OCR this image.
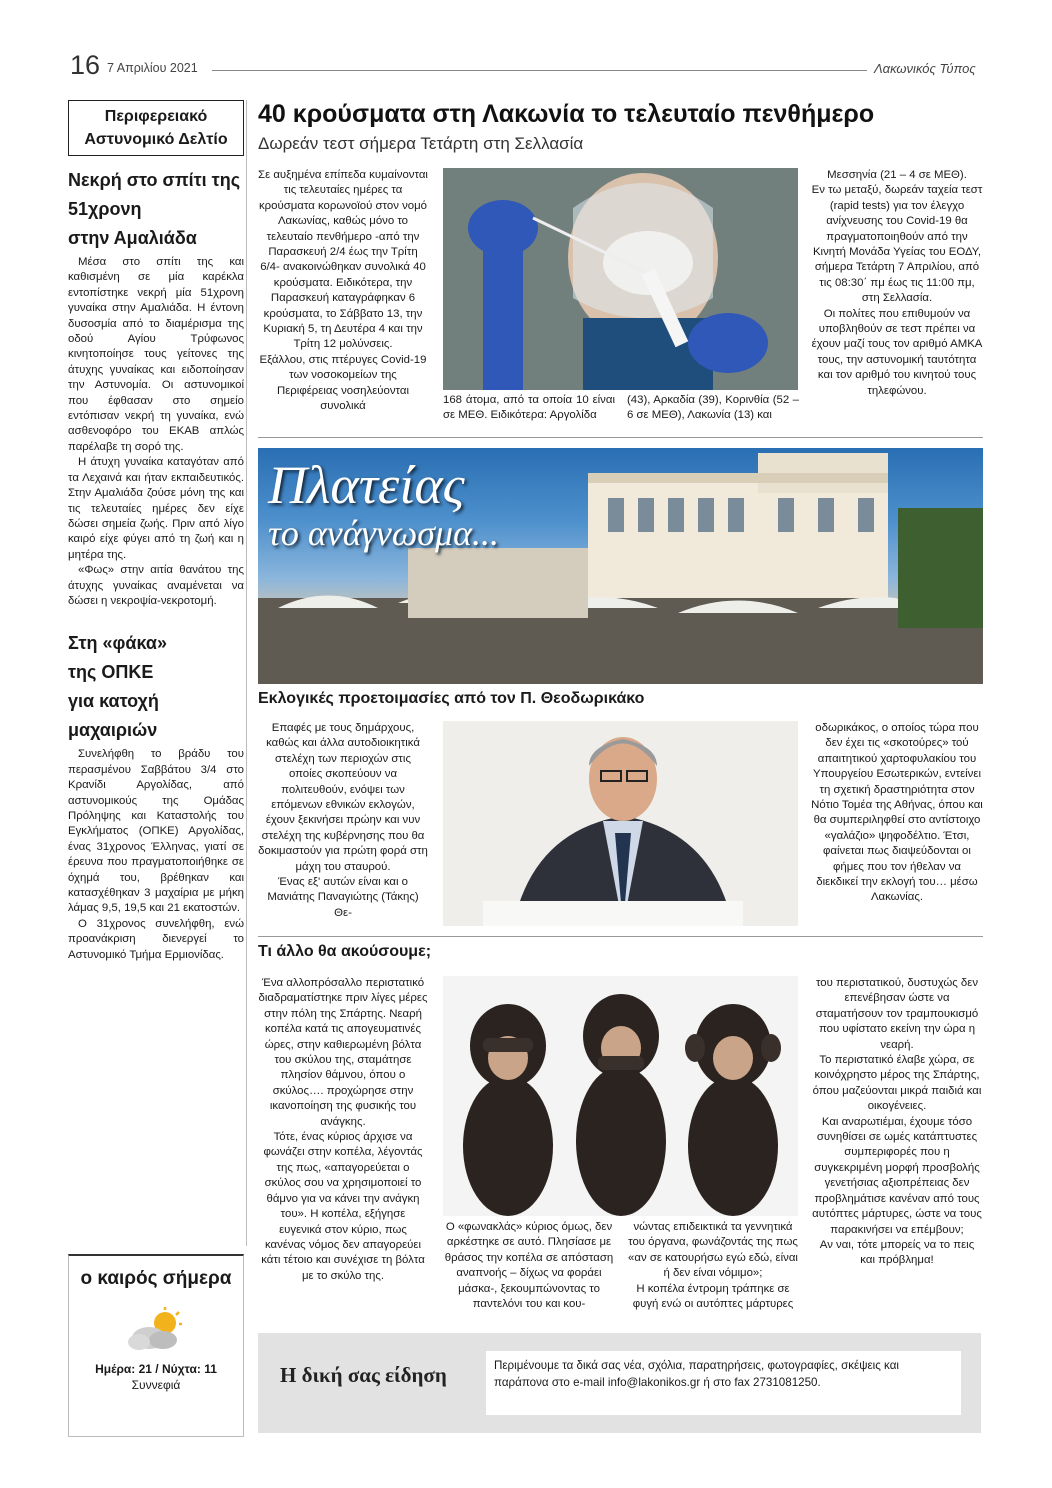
16 7 Απριλίου 2021	Λακωνικός Τύπος
Περιφερειακό
Αστυνομικό Δελτίο
Νεκρή στο σπίτι της
51χρονη
στην Αμαλιάδα

Μέσα στο σπίτι της και καθισμένη σε μία καρέκλα εντοπίστηκε νεκρή μία 51χρονη γυναίκα στην Αμαλιάδα. Η έντονη δυσοσμία από το διαμέρισμα της οδού Αγίου Τρύφωνος κινητοποίησε τους γείτονες της άτυχης γυναίκας και ειδοποίησαν την Αστυνομία. Οι αστυνομικοί που έφθασαν στο σημείο εντόπισαν νεκρή τη γυναίκα, ενώ ασθενοφόρο του ΕΚΑΒ απλώς παρέλαβε τη σορό της.

Η άτυχη γυναίκα καταγόταν από τα Λεχαινά και ήταν εκπαιδευτικός. Στην Αμαλιάδα ζούσε μόνη της και τις τελευταίες ημέρες δεν είχε δώσει σημεία ζωής. Πριν από λίγο καιρό είχε φύγει από τη ζωή και η μητέρα της.

«Φως» στην αιτία θανάτου της άτυχης γυναίκας αναμένεται να δώσει η νεκροψία-νεκροτομή.

Στη «φάκα»
της ΟΠΚΕ
για κατοχή
μαχαιριών

Συνελήφθη το βράδυ του περασμένου Σαββάτου 3/4 στο Κρανίδι Αργολίδας, από αστυνομικούς της Ομάδας Πρόληψης και Καταστολής του Εγκλήματος (ΟΠΚΕ) Αργολίδας, ένας 31χρονος Έλληνας, γιατί σε έρευνα που πραγματοποιήθηκε σε όχημά του, βρέθηκαν και κατασχέθηκαν 3 μαχαίρια με μήκη λάμας 9,5, 19,5 και 21 εκατοστών.

Ο 31χρονος συνελήφθη, ενώ προανάκριση διενεργεί το Αστυνομικό Τμήμα Ερμιονίδας.

ο καιρός σήμερα
Ημέρα: 21 / Νύχτα: 11
Συννεφιά
40 κρούσματα στη Λακωνία το τελευταίο πενθήμερο
Δωρεάν τεστ σήμερα Τετάρτη στη Σελλασία

Σε αυξημένα επίπεδα κυμαίνονται τις τελευταίες ημέρες τα κρούσματα κορωνοϊού στον νομό Λακωνίας, καθώς μόνο το τελευταίο πενθήμερο -από την Παρασκευή 2/4 έως την Τρίτη 6/4- ανακοινώθηκαν συνολικά 40 κρούσματα. Ειδικότερα, την Παρασκευή καταγράφηκαν 6 κρούσματα, το Σάββατο 13, την Κυριακή 5, τη Δευτέρα 4 και την Τρίτη 12 μολύνσεις.

Εξάλλου, στις πτέρυγες Covid-19 των νοσοκομείων της Περιφέρειας νοσηλεύονται συνολικά

168 άτομα, από τα οποία 10 είναι σε ΜΕΘ. Ειδικότερα: Αργολίδα

(43), Αρκαδία (39), Κορινθία (52 – 6 σε ΜΕΘ), Λακωνία (13) και

Μεσσηνία (21 – 4 σε ΜΕΘ).

Εν τω μεταξύ, δωρεάν ταχεία τεστ (rapid tests) για τον έλεγχο ανίχνευσης του Covid-19 θα πραγματοποιηθούν από την Κινητή Μονάδα Υγείας του ΕΟΔΥ, σήμερα Τετάρτη 7 Απριλίου, από τις 08:30΄ πμ έως τις 11:00 πμ, στη Σελλασία.

Οι πολίτες που επιθυμούν να υποβληθούν σε τεστ πρέπει να έχουν μαζί τους τον αριθμό ΑΜΚΑ τους, την αστυνομική ταυτότητα και τον αριθμό του κινητού τους τηλεφώνου.

Πλατείας
το ανάγνωσμα...
Εκλογικές προετοιμασίες από τον Π. Θεοδωρικάκο

Επαφές με τους δημάρχους, καθώς και άλλα αυτοδιοικητικά στελέχη των περιοχών στις οποίες σκοπεύουν να πολιτευθούν, ενόψει των επόμενων εθνικών εκλογών, έχουν ξεκινήσει πρώην και νυν στελέχη της κυβέρνησης που θα δοκιμαστούν για πρώτη φορά στη μάχη του σταυρού.

Ένας εξ' αυτών είναι και ο Μανιάτης Παναγιώτης (Τάκης) Θε-

οδωρικάκος, ο οποίος τώρα που δεν έχει τις «σκοτούρες» τού απαιτητικού χαρτοφυλακίου του Υπουργείου Εσωτερικών, εντείνει τη σχετική δραστηριότητα στον Νότιο Τομέα της Αθήνας, όπου και θα συμπεριληφθεί στο αντίστοιχο «γαλάζιο» ψηφοδέλτιο. Έτσι, φαίνεται πως διαψεύδονται οι φήμες που τον ήθελαν να διεκδικεί την εκλογή του… μέσω Λακωνίας.

Τι άλλο θα ακούσουμε;

Ένα αλλοπρόσαλλο περιστατικό διαδραματίστηκε πριν λίγες μέρες στην πόλη της Σπάρτης. Νεαρή κοπέλα κατά τις απογευματινές ώρες, στην καθιερωμένη βόλτα του σκύλου της, σταμάτησε πλησίον θάμνου, όπου ο σκύλος…. προχώρησε στην ικανοποίηση της φυσικής του ανάγκης.

Τότε, ένας κύριος άρχισε να φωνάζει στην κοπέλα, λέγοντάς της πως, «απαγορεύεται ο σκύλος σου να χρησιμοποιεί το θάμνο για να κάνει την ανάγκη του». Η κοπέλα, εξήγησε ευγενικά στον κύριο, πως κανένας νόμος δεν απαγορεύει κάτι τέτοιο και συνέχισε τη βόλτα με το σκύλο της.

Ο «φωνακλάς» κύριος όμως, δεν αρκέστηκε σε αυτό. Πλησίασε με θράσος την κοπέλα σε απόσταση αναπνοής – δίχως να φοράει μάσκα-, ξεκουμπώνοντας το παντελόνι του και κου-

νώντας επιδεικτικά τα γεννητικά του όργανα, φωνάζοντάς της πως «αν σε κατουρήσω εγώ εδώ, είναι ή δεν είναι νόμιμο»;

Η κοπέλα έντρομη τράπηκε σε φυγή ενώ οι αυτόπτες μάρτυρες

του περιστατικού, δυστυχώς δεν επενέβησαν ώστε να σταματήσουν τον τραμπουκισμό που υφίστατο εκείνη την ώρα η νεαρή.

Το περιστατικό έλαβε χώρα, σε κοινόχρηστο μέρος της Σπάρτης, όπου μαζεύονται μικρά παιδιά και οικογένειες.

Και αναρωτιέμαι, έχουμε τόσο συνηθίσει σε ωμές κατάπτυστες συμπεριφορές που η συγκεκριμένη μορφή προσβολής γενετήσιας αξιοπρέπειας δεν προβλημάτισε κανέναν από τους αυτόπτες μάρτυρες, ώστε να τους παρακινήσει να επέμβουν;

Αν ναι, τότε μπορείς να το πεις και πρόβλημα!

Η δική σας είδηση	Περιμένουμε τα δικά σας νέα, σχόλια, παρατηρήσεις, φωτογραφίες, σκέψεις και παράπονα στο e-mail info@lakonikos.gr ή στο fax 2731081250.
